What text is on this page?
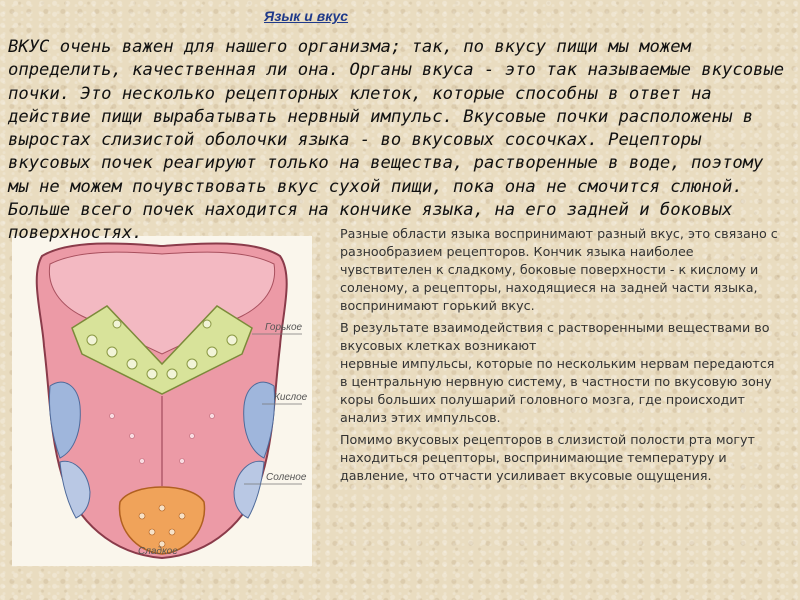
Язык и вкус

ВКУС очень важен для нашего организма; так, по вкусу пищи мы можем определить, качественная ли она. Органы вкуса - это так называемые вкусовые почки. Это несколько рецепторных клеток, которые способны в ответ на действие пищи вырабатывать нервный импульс. Вкусовые почки расположены в выростах слизистой оболочки языка - во вкусовых сосочках. Рецепторы вкусовых почек реагируют только на вещества, растворенные в воде, поэтому мы не можем почувствовать вкус сухой пищи, пока она не смочится слюной. Больше всего почек находится на кончике языка, на его задней и боковых поверхностях.

Горькое
Кислое
Соленое
Сладкое

Разные области языка воспринимают разный вкус, это связано с разнообразием рецепторов. Кончик языка наиболее чувствителен к сладкому, боковые поверхности - к кислому и соленому, а рецепторы, находящиеся на задней части языка, воспринимают горький вкус.

В результате взаимодействия с растворенными веществами во вкусовых клетках возникают

нервные импульсы, которые по нескольким нервам передаются в центральную нервную систему, в частности по вкусовую зону коры больших полушарий головного мозга, где происходит анализ этих импульсов.

Помимо вкусовых рецепторов в слизистой полости рта могут находиться рецепторы, воспринимающие температуру и давление, что отчасти усиливает вкусовые ощущения.
